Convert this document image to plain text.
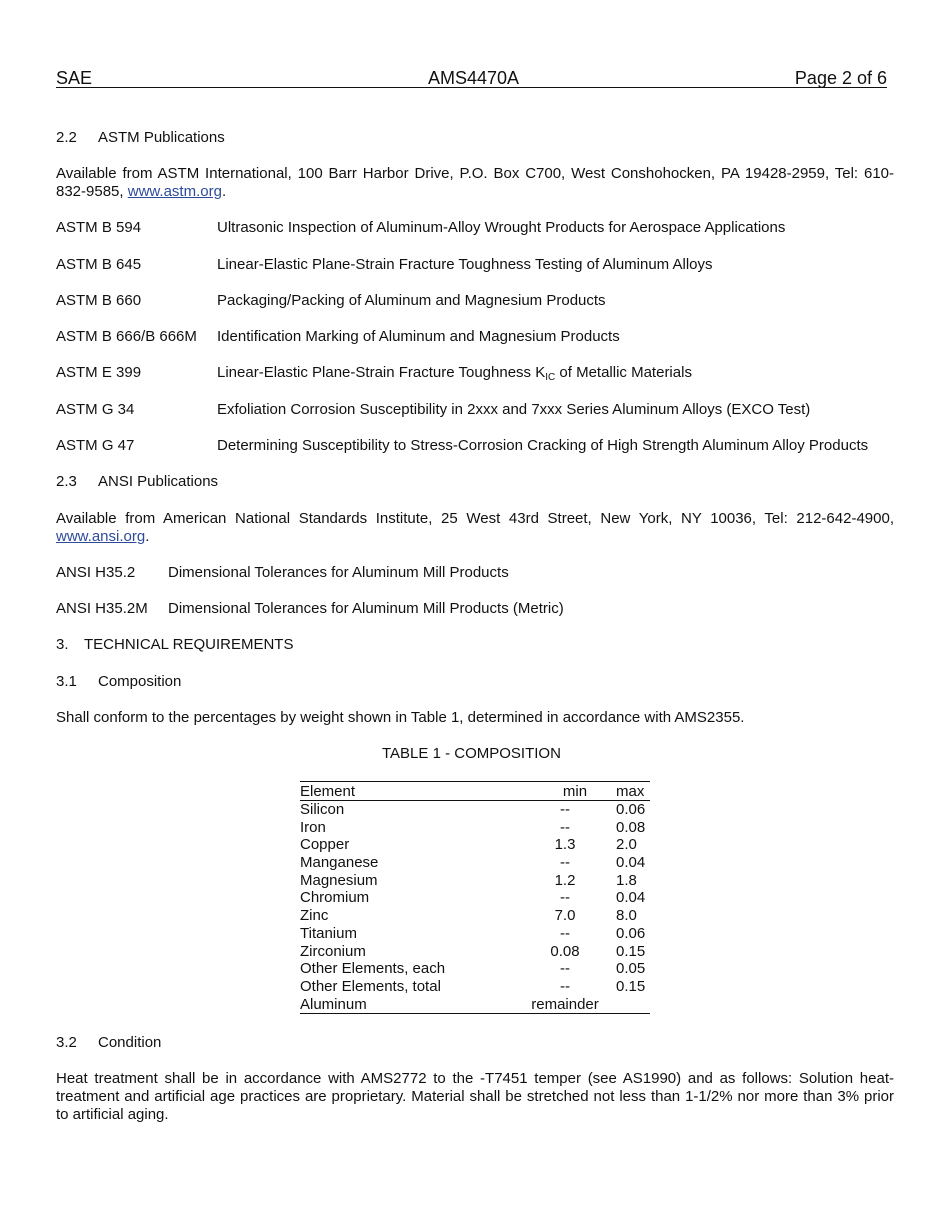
SAE	AMS4470A	Page 2 of 6
2.2 ASTM Publications
Available from ASTM International, 100 Barr Harbor Drive, P.O. Box C700, West Conshohocken, PA 19428-2959, Tel: 610-832-9585, www.astm.org.
ASTM B 594	Ultrasonic Inspection of Aluminum-Alloy Wrought Products for Aerospace Applications
ASTM B 645	Linear-Elastic Plane-Strain Fracture Toughness Testing of Aluminum Alloys
ASTM B 660	Packaging/Packing of Aluminum and Magnesium Products
ASTM B 666/B 666M Identification Marking of Aluminum and Magnesium Products
ASTM E 399	Linear-Elastic Plane-Strain Fracture Toughness $K_{IC}$ of Metallic Materials
ASTM G 34	Exfoliation Corrosion Susceptibility in 2xxx and 7xxx Series Aluminum Alloys (EXCO Test)
ASTM G 47	Determining Susceptibility to Stress-Corrosion Cracking of High Strength Aluminum Alloy Products
2.3 ANSI Publications
Available from American National Standards Institute, 25 West 43rd Street, New York, NY 10036, Tel: 212-642-4900, www.ansi.org.
ANSI H35.2 Dimensional Tolerances for Aluminum Mill Products
ANSI H35.2M Dimensional Tolerances for Aluminum Mill Products (Metric)
3. TECHNICAL REQUIREMENTS
3.1 Composition
Shall conform to the percentages by weight shown in Table 1, determined in accordance with AMS2355.
TABLE 1 - COMPOSITION
Element	min	max
Silicon	--	0.06
Iron	--	0.08
Copper	1.3	2.0
Manganese	--	0.04
Magnesium	1.2	1.8
Chromium	--	0.04
Zinc	7.0	8.0
Titanium	--	0.06
Zirconium	0.08	0.15
Other Elements, each	--	0.05
Other Elements, total	--	0.15
Aluminum	remainder
3.2 Condition
Heat treatment shall be in accordance with AMS2772 to the -T7451 temper (see AS1990) and as follows: Solution heat-treatment and artificial age practices are proprietary. Material shall be stretched not less than 1-1/2% nor more than 3% prior to artificial aging.
